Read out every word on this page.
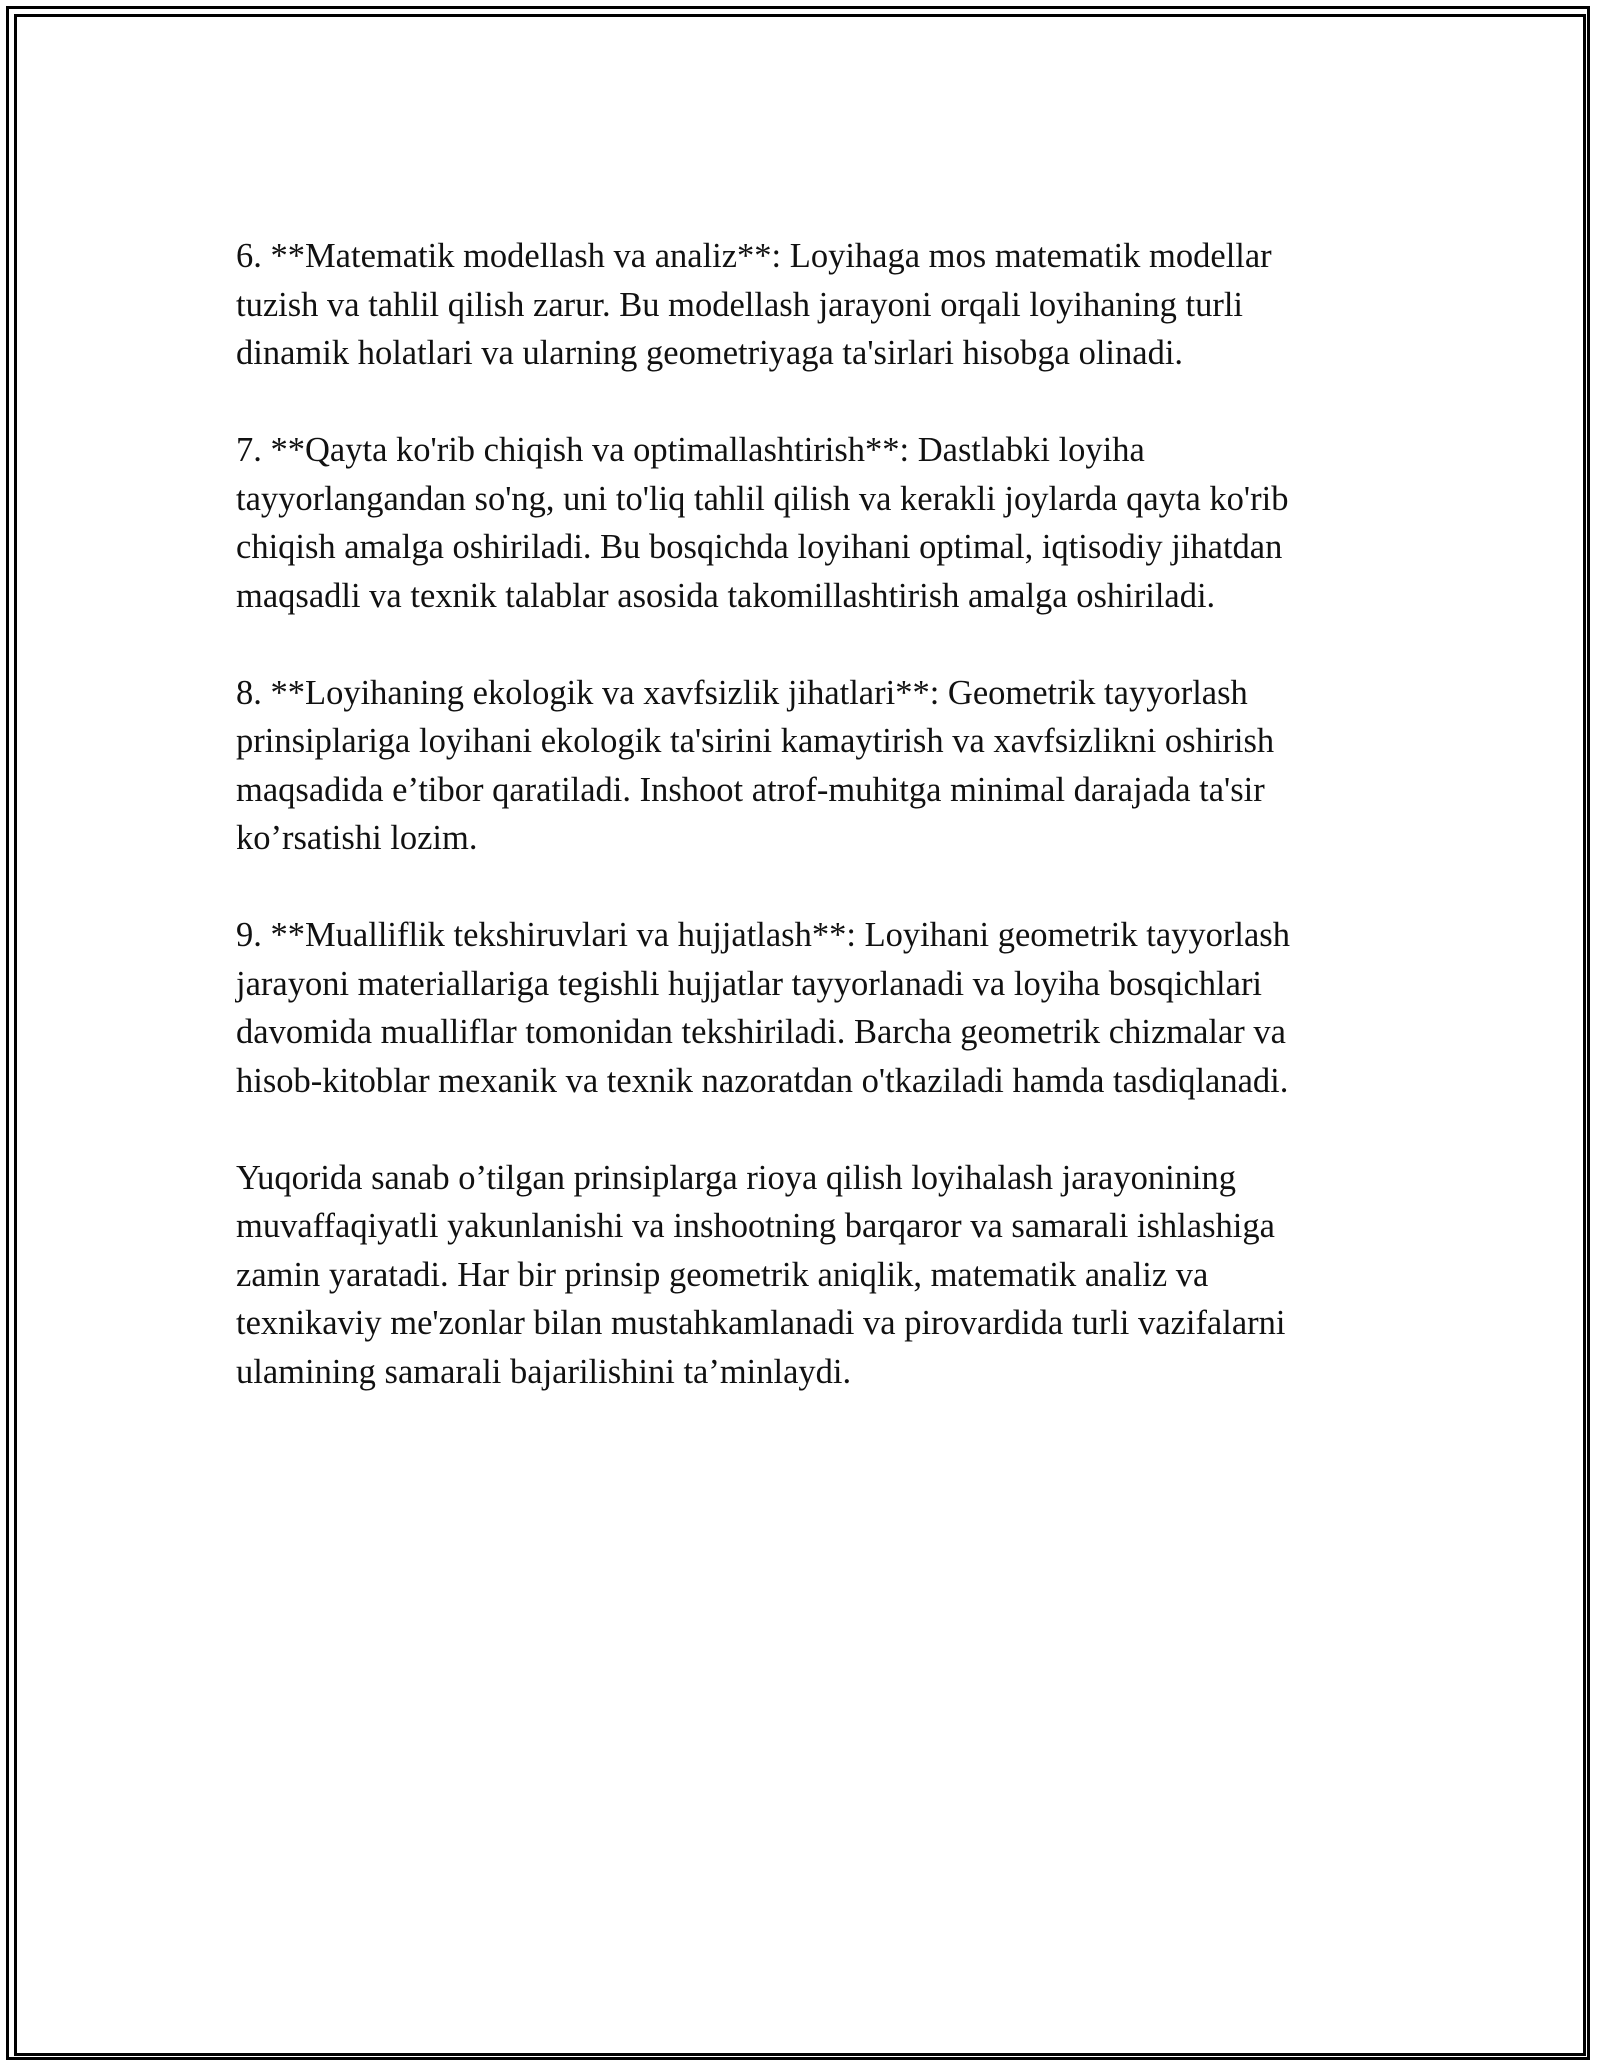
6. **Matematik modellash va analiz**: Loyihaga mos matematik modellar
tuzish va tahlil qilish zarur. Bu modellash jarayoni orqali loyihaning turli
dinamik holatlari va ularning geometriyaga ta'sirlari hisobga olinadi.

7. **Qayta ko'rib chiqish va optimallashtirish**: Dastlabki loyiha
tayyorlangandan so'ng, uni to'liq tahlil qilish va kerakli joylarda qayta ko'rib
chiqish amalga oshiriladi. Bu bosqichda loyihani optimal, iqtisodiy jihatdan
maqsadli va texnik talablar asosida takomillashtirish amalga oshiriladi.

8. **Loyihaning ekologik va xavfsizlik jihatlari**: Geometrik tayyorlash
prinsiplariga loyihani ekologik ta'sirini kamaytirish va xavfsizlikni oshirish
maqsadida e’tibor qaratiladi. Inshoot atrof-muhitga minimal darajada ta'sir
ko’rsatishi lozim.

9. **Mualliflik tekshiruvlari va hujjatlash**: Loyihani geometrik tayyorlash
jarayoni materiallariga tegishli hujjatlar tayyorlanadi va loyiha bosqichlari
davomida mualliflar tomonidan tekshiriladi. Barcha geometrik chizmalar va
hisob-kitoblar mexanik va texnik nazoratdan o'tkaziladi hamda tasdiqlanadi.

Yuqorida sanab o’tilgan prinsiplarga rioya qilish loyihalash jarayonining
muvaffaqiyatli yakunlanishi va inshootning barqaror va samarali ishlashiga
zamin yaratadi. Har bir prinsip geometrik aniqlik, matematik analiz va
texnikaviy me'zonlar bilan mustahkamlanadi va pirovardida turli vazifalarni
ulamining samarali bajarilishini ta’minlaydi.
